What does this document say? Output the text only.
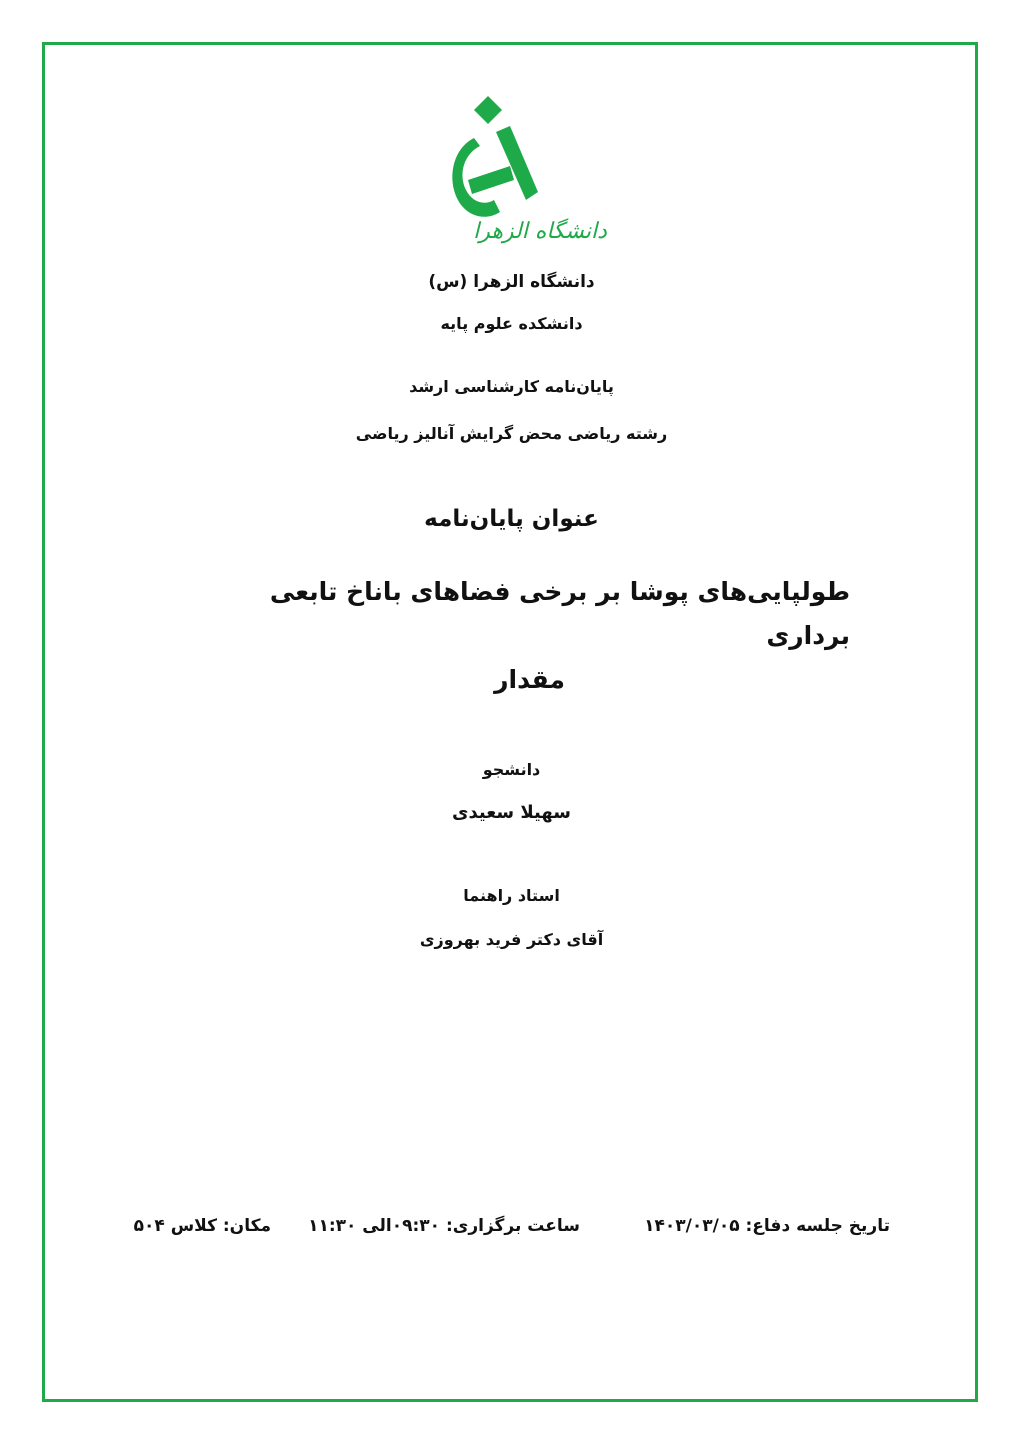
دانشگاه الزهرا
دانشگاه الزهرا (س)
دانشکده علوم پایه
پایان‌نامه کارشناسی ارشد
رشته ریاضی محض گرایش آنالیز ریاضی
عنوان پایان‌نامه
طولپایی‌های پوشا بر برخی فضاهای باناخ تابعی برداری
مقدار
دانشجو
سهیلا سعیدی
استاد راهنما
آقای دکتر فرید بهروزی
تاریخ جلسه دفاع: ۱۴۰۳/۰۳/۰۵
ساعت برگزاری: ۰۹:۳۰الی ۱۱:۳۰
مکان: کلاس ۵۰۴
